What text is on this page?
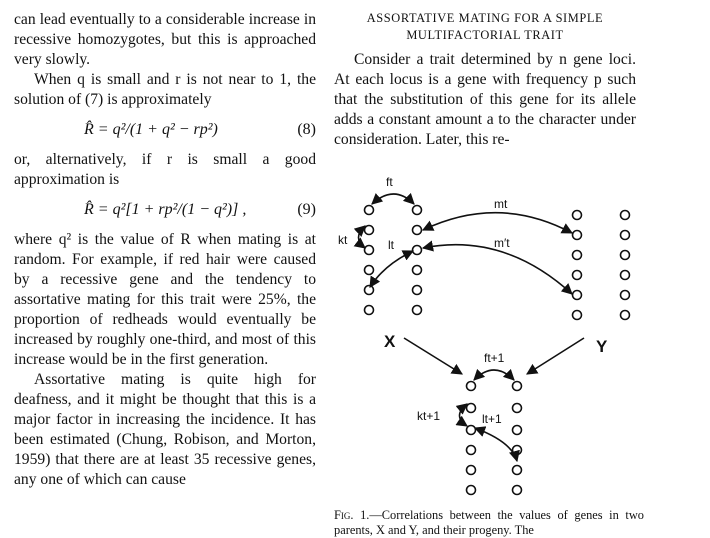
can lead eventually to a considerable increase in recessive homozygotes, but this is approached very slowly.

When q is small and r is not near to 1, the solution of (7) is approximately

R̂ = q²/(1 + q² − rp²)	(8)

or, alternatively, if r is small a good approximation is

R̂ = q²[1 + rp²/(1 − q²)] ,	(9)

where q² is the value of R when mating is at random. For example, if red hair were caused by a recessive gene and the tendency to assortative mating for this trait were 25%, the proportion of redheads would eventually be increased by roughly one-third, and most of this increase would be in the first generation.

Assortative mating is quite high for deafness, and it might be thought that this is a major factor in increasing the incidence. It has been estimated (Chung, Robison, and Morton, 1959) that there are at least 35 recessive genes, any one of which can cause

ASSORTATIVE MATING FOR A SIMPLE
MULTIFACTORIAL TRAIT

Consider a trait determined by n gene loci. At each locus is a gene with frequency p such that the substitution of this gene for its allele adds a constant amount a to the character under consideration. Later, this re-

ft
kt	lt
mt
m′t
X	Y
ft+1
kt+1	lt+1
Fig. 1.—Correlations between the values of genes in two parents, X and Y, and their progeny. The
